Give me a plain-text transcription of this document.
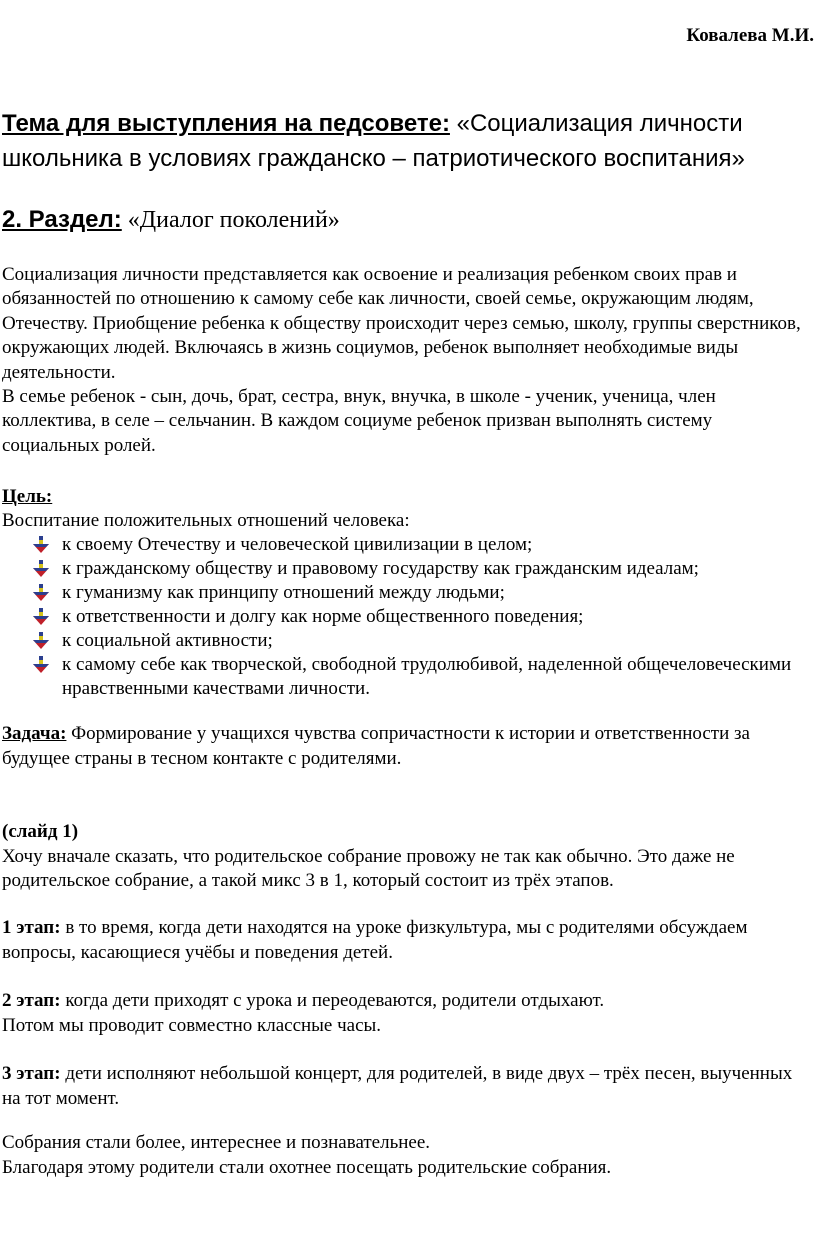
Ковалева М.И.
Тема для выступления на педсовете: «Социализация личности школьника в условиях гражданско – патриотического воспитания»
2. Раздел: «Диалог поколений»

Социализация личности представляется как освоение и реализация ребенком своих прав и обязанностей по отношению к самому себе как личности, своей семье, окружающим людям, Отечеству. Приобщение ребенка к обществу происходит через семью, школу, группы сверстников, окружающих людей. Включаясь в жизнь социумов, ребенок выполняет необходимые виды деятельности.

В семье ребенок - сын, дочь, брат, сестра, внук, внучка, в школе - ученик, ученица, член коллектива, в селе – сельчанин. В каждом социуме ребенок призван выполнять систему социальных ролей.

Цель:
Воспитание положительных отношений человека:
к своему Отечеству и человеческой цивилизации в целом;
к гражданскому обществу и правовому государству как гражданским идеалам;
к гуманизму как принципу отношений между людьми;
к ответственности и долгу как норме общественного поведения;
к социальной активности;
к самому себе как творческой, свободной трудолюбивой, наделенной общечеловеческими нравственными качествами личности.
Задача: Формирование у учащихся чувства сопричастности к истории и ответственности за будущее страны в тесном контакте с родителями.
(слайд 1)
Хочу вначале сказать, что родительское собрание провожу не так как обычно. Это даже не родительское собрание, а такой микс 3 в 1, который состоит из трёх этапов.
1 этап: в то время, когда дети находятся на уроке физкультура, мы с родителями обсуждаем вопросы, касающиеся учёбы и поведения детей.
2 этап: когда дети приходят с урока и переодеваются, родители отдыхают.
Потом мы проводит совместно классные часы.
3 этап: дети исполняют небольшой концерт, для родителей, в виде двух – трёх песен, выученных на тот момент.
Собрания стали более, интереснее и познавательнее.
Благодаря этому родители стали охотнее посещать родительские собрания.
